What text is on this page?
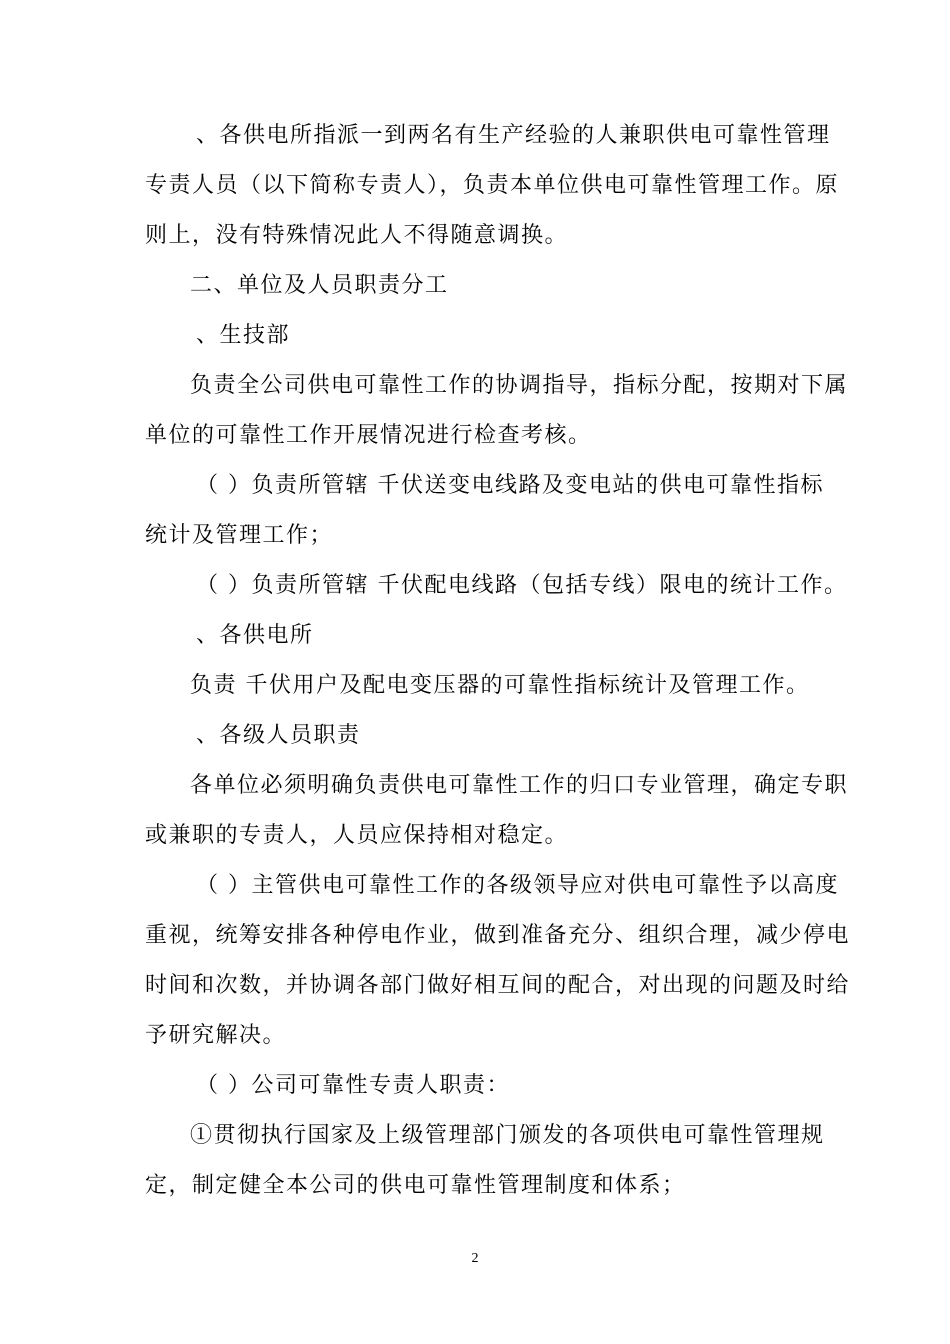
、各供电所指派一到两名有生产经验的人兼职供电可靠性管理
专责人员（以下简称专责人），负责本单位供电可靠性管理工作。原
则上，没有特殊情况此人不得随意调换。
二、单位及人员职责分工
、生技部
负责全公司供电可靠性工作的协调指导，指标分配，按期对下属
单位的可靠性工作开展情况进行检查考核。
（ ）负责所管辖 千伏送变电线路及变电站的供电可靠性指标
统计及管理工作；
（ ）负责所管辖 千伏配电线路（包括专线）限电的统计工作。
、各供电所
负责 千伏用户及配电变压器的可靠性指标统计及管理工作。
、各级人员职责
各单位必须明确负责供电可靠性工作的归口专业管理，确定专职
或兼职的专责人，人员应保持相对稳定。
（ ）主管供电可靠性工作的各级领导应对供电可靠性予以高度
重视，统筹安排各种停电作业，做到准备充分、组织合理，减少停电
时间和次数，并协调各部门做好相互间的配合，对出现的问题及时给
予研究解决。
（ ）公司可靠性专责人职责：
①贯彻执行国家及上级管理部门颁发的各项供电可靠性管理规
定，制定健全本公司的供电可靠性管理制度和体系；
2
